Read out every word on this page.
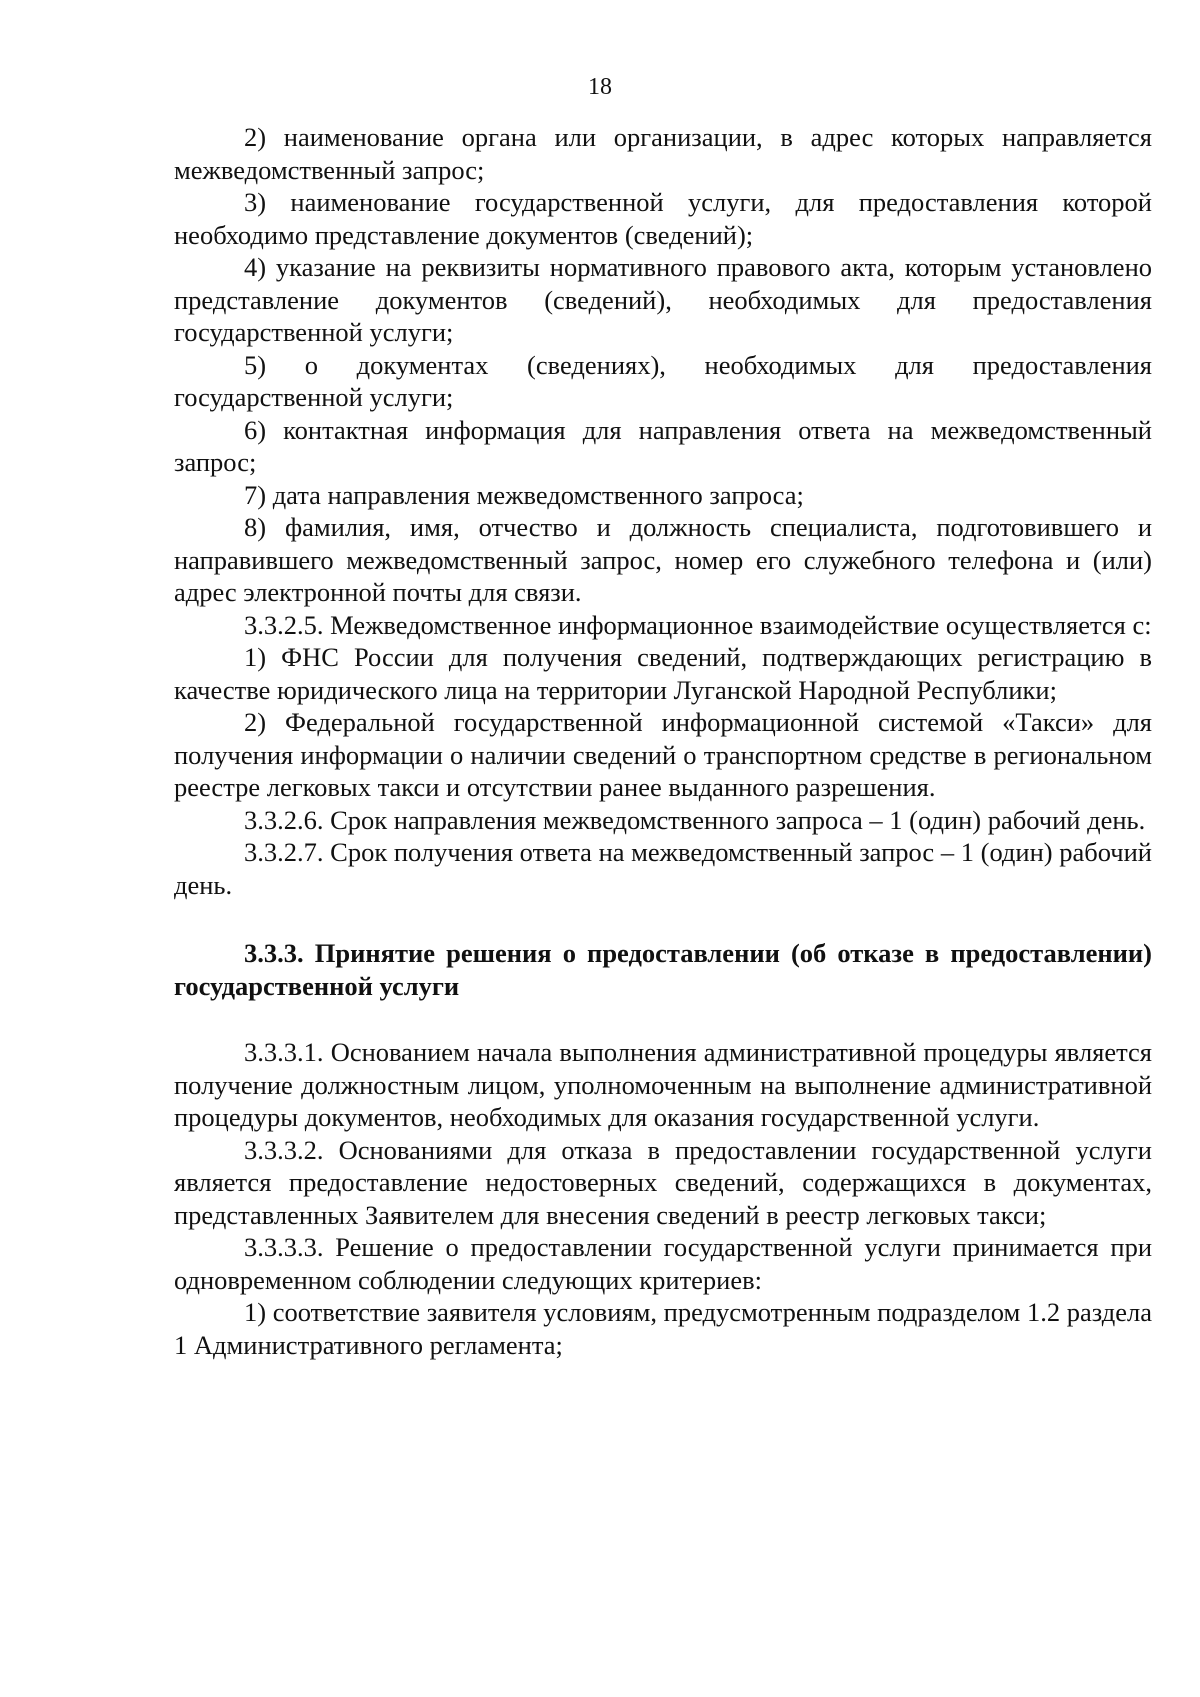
18

2) наименование органа или организации, в адрес которых направляется межведомственный запрос;

3) наименование государственной услуги, для предоставления которой необходимо представление документов (сведений);

4) указание на реквизиты нормативного правового акта, которым установлено представление документов (сведений), необходимых для предоставления государственной услуги;

5) о документах (сведениях), необходимых для предоставления государственной услуги;

6) контактная информация для направления ответа на межведомственный запрос;

7) дата направления межведомственного запроса;

8) фамилия, имя, отчество и должность специалиста, подготовившего и направившего межведомственный запрос, номер его служебного телефона и (или) адрес электронной почты для связи.

3.3.2.5. Межведомственное информационное взаимодействие осуществляется с:

1) ФНС России для получения сведений, подтверждающих регистрацию в качестве юридического лица на территории Луганской Народной Республики;

2) Федеральной государственной информационной системой «Такси» для получения информации о наличии сведений о транспортном средстве в региональном реестре легковых такси и отсутствии ранее выданного разрешения.

3.3.2.6. Срок направления межведомственного запроса – 1 (один) рабочий день.

3.3.2.7. Срок получения ответа на межведомственный запрос – 1 (один) рабочий день.

3.3.3. Принятие решения о предоставлении (об отказе в предоставлении) государственной услуги

3.3.3.1. Основанием начала выполнения административной процедуры является получение должностным лицом, уполномоченным на выполнение административной процедуры документов, необходимых для оказания государственной услуги.

3.3.3.2. Основаниями для отказа в предоставлении государственной услуги является предоставление недостоверных сведений, содержащихся в документах, представленных Заявителем для внесения сведений в реестр легковых такси;

3.3.3.3. Решение о предоставлении государственной услуги принимается при одновременном соблюдении следующих критериев:

1) соответствие заявителя условиям, предусмотренным подразделом 1.2 раздела 1 Административного регламента;
